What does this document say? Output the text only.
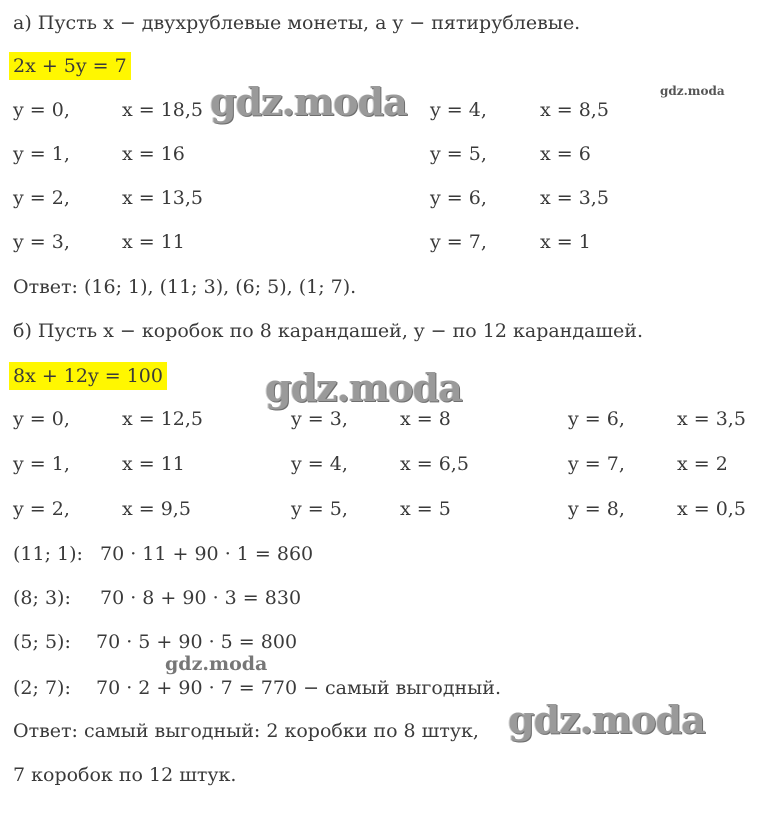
а) Пусть x − двухрублевые монеты, а y − пятирублевые.
2x + 5y = 7
y = 0,	x = 18,5
y = 1,	x = 16
y = 2,	x = 13,5
y = 3,	x = 11
y = 4,	x = 8,5
y = 5,	x = 6
y = 6,	x = 3,5
y = 7,	x = 1
Ответ: (16; 1), (11; 3), (6; 5), (1; 7).
б) Пусть x − коробок по 8 карандашей, y − по 12 карандашей.
8x + 12y = 100
y = 0,	x = 12,5
y = 1,	x = 11
y = 2,	x = 9,5
y = 3,	x = 8
y = 4,	x = 6,5
y = 5,	x = 5
y = 6,	x = 3,5
y = 7,	x = 2
y = 8,	x = 0,5
(11; 1): 70 · 11 + 90 · 1 = 860
(8; 3): 70 · 8 + 90 · 3 = 830
(5; 5): 70 · 5 + 90 · 5 = 800
(2; 7): 70 · 2 + 90 · 7 = 770 − самый выгодный.
Ответ: самый выгодный: 2 коробки по 8 штук,
7 коробок по 12 штук.
gdz.moda	gdz.moda
gdz.moda
gdz.moda
gdz.moda
